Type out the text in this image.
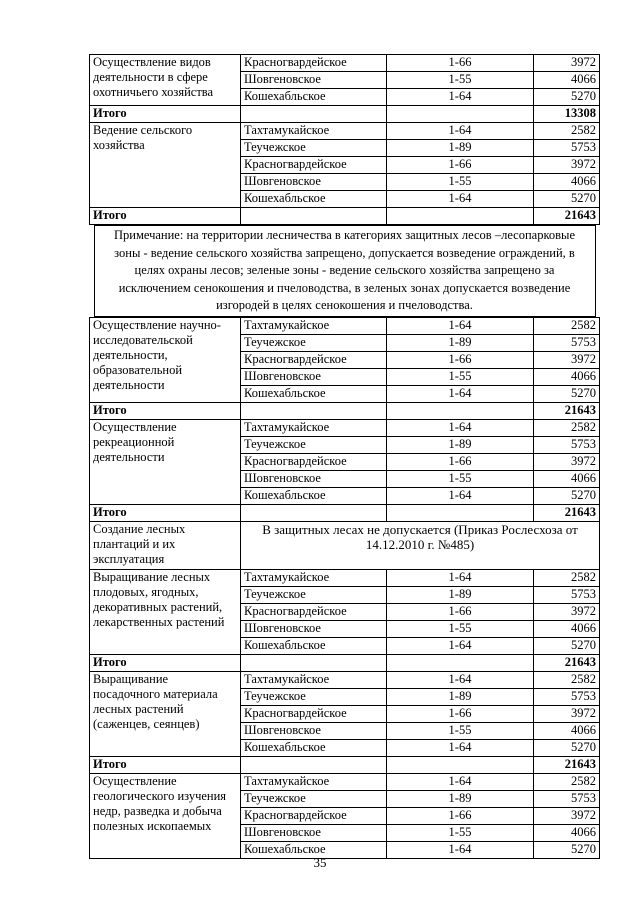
Осуществление видов деятельности в сфере охотничьего хозяйства	Красногвардейское	1-66	3972
	Шовгеновское	1-55	4066
	Кошехабльское	1-64	5270
Итого			13308
Ведение сельского хозяйства	Тахтамукайское	1-64	2582
	Теучежское	1-89	5753
	Красногвардейское	1-66	3972
	Шовгеновское	1-55	4066
	Кошехабльское	1-64	5270
Итого			21643

Примечание: на территории лесничества в категориях защитных лесов –лесопарковые зоны - ведение сельского хозяйства запрещено, допускается возведение ограждений, в целях охраны лесов; зеленые зоны - ведение сельского хозяйства запрещено за исключением сенокошения и пчеловодства, в зеленых зонах допускается возведение изгородей в целях сенокошения и пчеловодства.			

Осуществление научно-исследовательской деятельности, образовательной деятельности	Тахтамукайское	1-64	2582
	Теучежское	1-89	5753
	Красногвардейское	1-66	3972
	Шовгеновское	1-55	4066
	Кошехабльское	1-64	5270
Итого			21643
Осуществление рекреационной деятельности	Тахтамукайское	1-64	2582
	Теучежское	1-89	5753
	Красногвардейское	1-66	3972
	Шовгеновское	1-55	4066
	Кошехабльское	1-64	5270
Итого			21643
Создание лесных плантаций и их эксплуатация	В защитных лесах не допускается (Приказ Рослесхоза от 14.12.2010 г. №485)		
Выращивание лесных плодовых, ягодных, декоративных растений, лекарственных растений	Тахтамукайское	1-64	2582
	Теучежское	1-89	5753
	Красногвардейское	1-66	3972
	Шовгеновское	1-55	4066
	Кошехабльское	1-64	5270
Итого			21643
Выращивание посадочного материала лесных растений (саженцев, сеянцев)	Тахтамукайское	1-64	2582
	Теучежское	1-89	5753
	Красногвардейское	1-66	3972
	Шовгеновское	1-55	4066
	Кошехабльское	1-64	5270
Итого			21643
Осуществление геологического изучения недр, разведка и добыча полезных ископаемых	Тахтамукайское	1-64	2582
	Теучежское	1-89	5753
	Красногвардейское	1-66	3972
	Шовгеновское	1-55	4066
	Кошехабльское	1-64	5270
35
